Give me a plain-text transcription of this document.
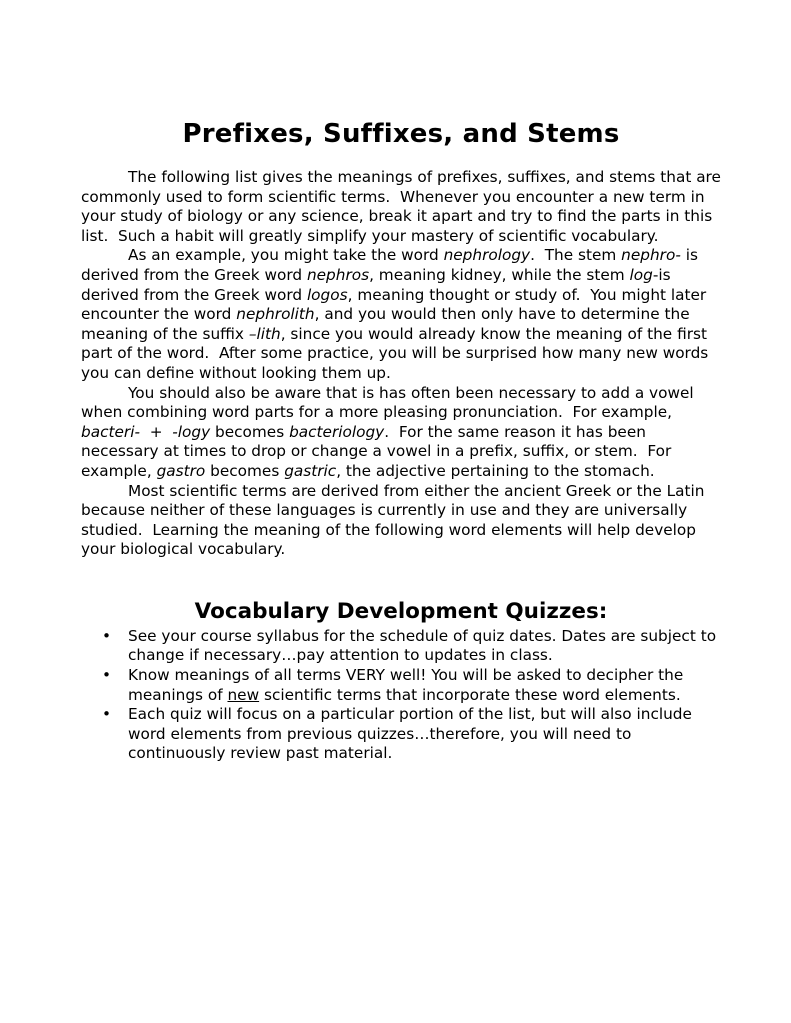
Prefixes, Suffixes, and Stems

The following list gives the meanings of prefixes, suffixes, and stems that are commonly used to form scientific terms.  Whenever you encounter a new term in your study of biology or any science, break it apart and try to find the parts in this list.  Such a habit will greatly simplify your mastery of scientific vocabulary.

As an example, you might take the word nephrology.  The stem nephro- is derived from the Greek word nephros, meaning kidney, while the stem log-is derived from the Greek word logos, meaning thought or study of.  You might later encounter the word nephrolith, and you would then only have to determine the meaning of the suffix –lith, since you would already know the meaning of the first part of the word.  After some practice, you will be surprised how many new words you can define without looking them up.

You should also be aware that is has often been necessary to add a vowel when combining word parts for a more pleasing pronunciation.  For example, bacteri-  +  -logy becomes bacteriology.  For the same reason it has been necessary at times to drop or change a vowel in a prefix, suffix, or stem.  For example, gastro becomes gastric, the adjective pertaining to the stomach.

Most scientific terms are derived from either the ancient Greek or the Latin because neither of these languages is currently in use and they are universally studied.  Learning the meaning of the following word elements will help develop your biological vocabulary.

Vocabulary Development Quizzes:
• See your course syllabus for the schedule of quiz dates. Dates are subject to change if necessary…pay attention to updates in class.
• Know meanings of all terms VERY well! You will be asked to decipher the meanings of new scientific terms that incorporate these word elements.
• Each quiz will focus on a particular portion of the list, but will also include word elements from previous quizzes…therefore, you will need to continuously review past material.
